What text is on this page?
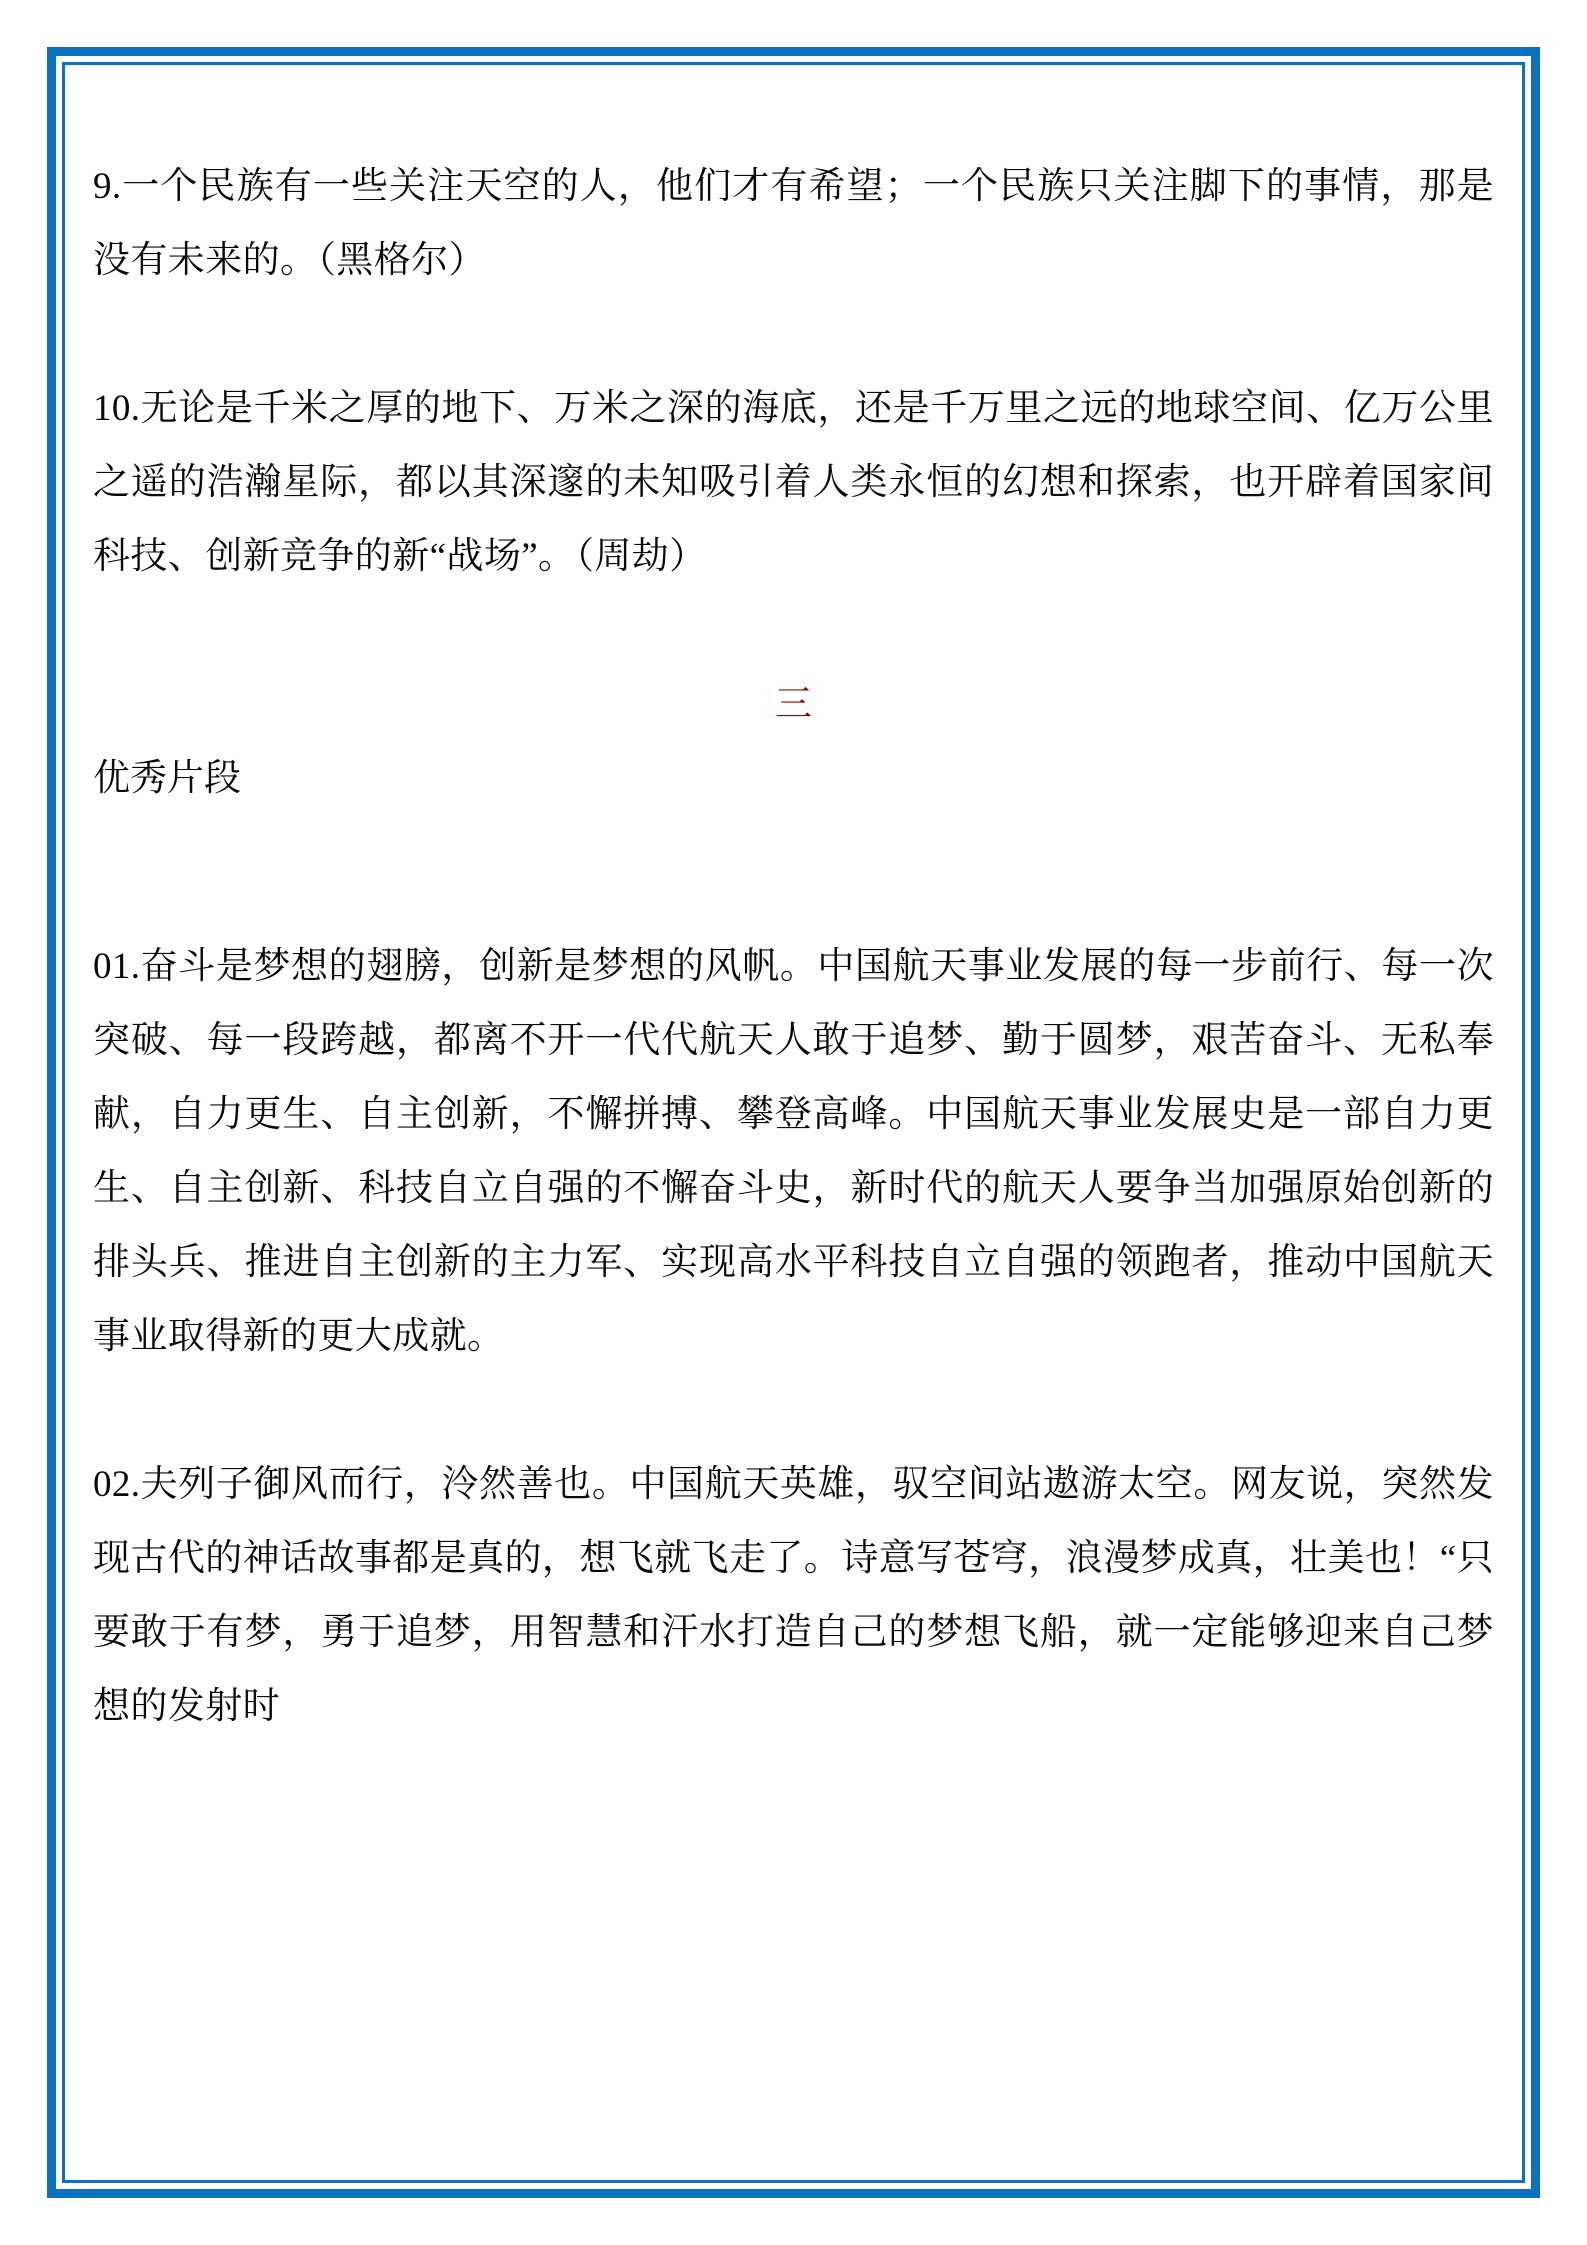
9.一个民族有一些关注天空的人，他们才有希望；一个民族只关注脚下的事情，那是没有未来的。（黑格尔）

10.无论是千米之厚的地下、万米之深的海底，还是千万里之远的地球空间、亿万公里之遥的浩瀚星际，都以其深邃的未知吸引着人类永恒的幻想和探索，也开辟着国家间科技、创新竞争的新“战场”。（周劫）

三

优秀片段

01.奋斗是梦想的翅膀，创新是梦想的风帆。中国航天事业发展的每一步前行、每一次突破、每一段跨越，都离不开一代代航天人敢于追梦、勤于圆梦，艰苦奋斗、无私奉献，自力更生、自主创新，不懈拼搏、攀登高峰。中国航天事业发展史是一部自力更生、自主创新、科技自立自强的不懈奋斗史，新时代的航天人要争当加强原始创新的排头兵、推进自主创新的主力军、实现高水平科技自立自强的领跑者，推动中国航天事业取得新的更大成就。

02.夫列子御风而行，泠然善也。中国航天英雄，驭空间站遨游太空。网友说，突然发现古代的神话故事都是真的，想飞就飞走了。诗意写苍穹，浪漫梦成真，壮美也！“只要敢于有梦，勇于追梦，用智慧和汗水打造自己的梦想飞船，就一定能够迎来自己梦想的发射时
